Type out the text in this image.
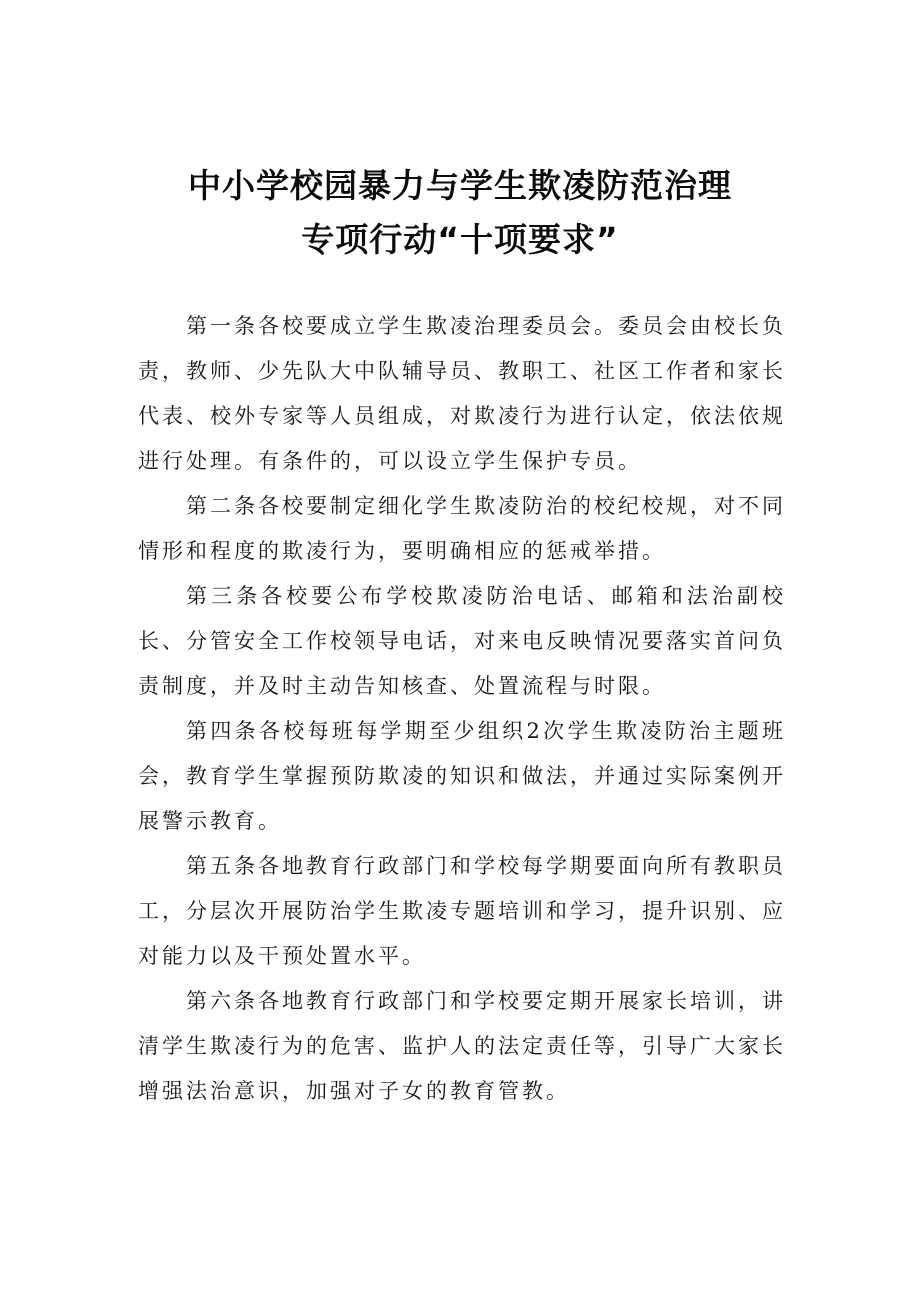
中小学校园暴力与学生欺凌防范治理
专项行动“十项要求”

第一条各校要成立学生欺凌治理委员会。委员会由校长负责，教师、少先队大中队辅导员、教职工、社区工作者和家长代表、校外专家等人员组成，对欺凌行为进行认定，依法依规进行处理。有条件的，可以设立学生保护专员。

第二条各校要制定细化学生欺凌防治的校纪校规，对不同情形和程度的欺凌行为，要明确相应的惩戒举措。

第三条各校要公布学校欺凌防治电话、邮箱和法治副校长、分管安全工作校领导电话，对来电反映情况要落实首问负责制度，并及时主动告知核查、处置流程与时限。

第四条各校每班每学期至少组织2次学生欺凌防治主题班会，教育学生掌握预防欺凌的知识和做法，并通过实际案例开展警示教育。

第五条各地教育行政部门和学校每学期要面向所有教职员工，分层次开展防治学生欺凌专题培训和学习，提升识别、应对能力以及干预处置水平。

第六条各地教育行政部门和学校要定期开展家长培训，讲清学生欺凌行为的危害、监护人的法定责任等，引导广大家长增强法治意识，加强对子女的教育管教。
